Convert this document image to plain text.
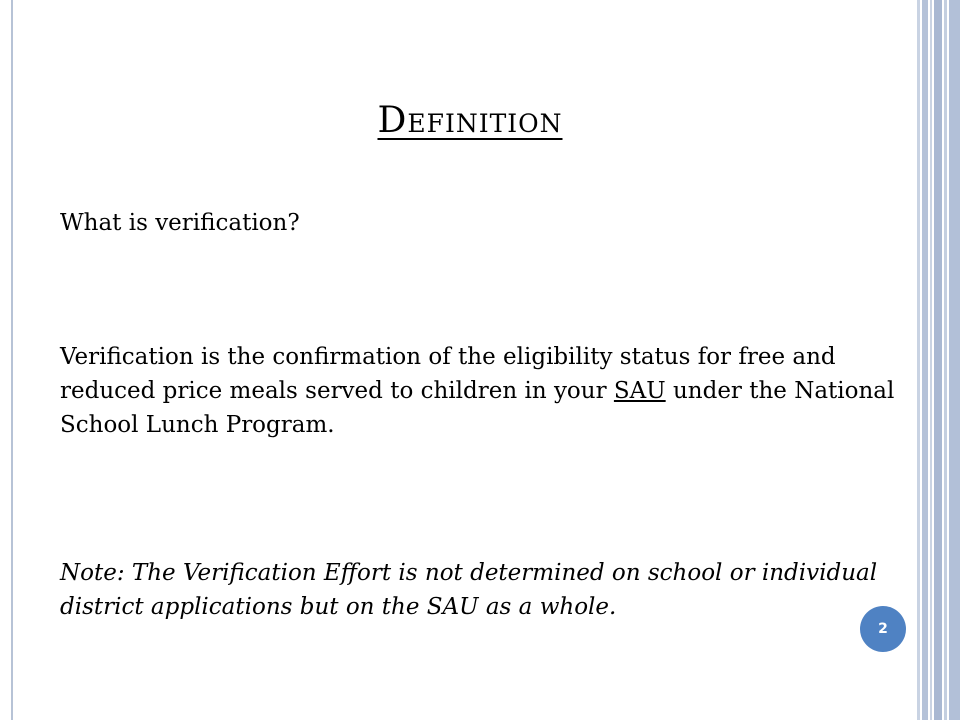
Definition
What is verification?
Verification is the confirmation of the eligibility status for free and reduced price meals served to children in your SAU under the National School Lunch Program.
Note: The Verification Effort is not determined on school or individual district applications but on the SAU as a whole.
2
